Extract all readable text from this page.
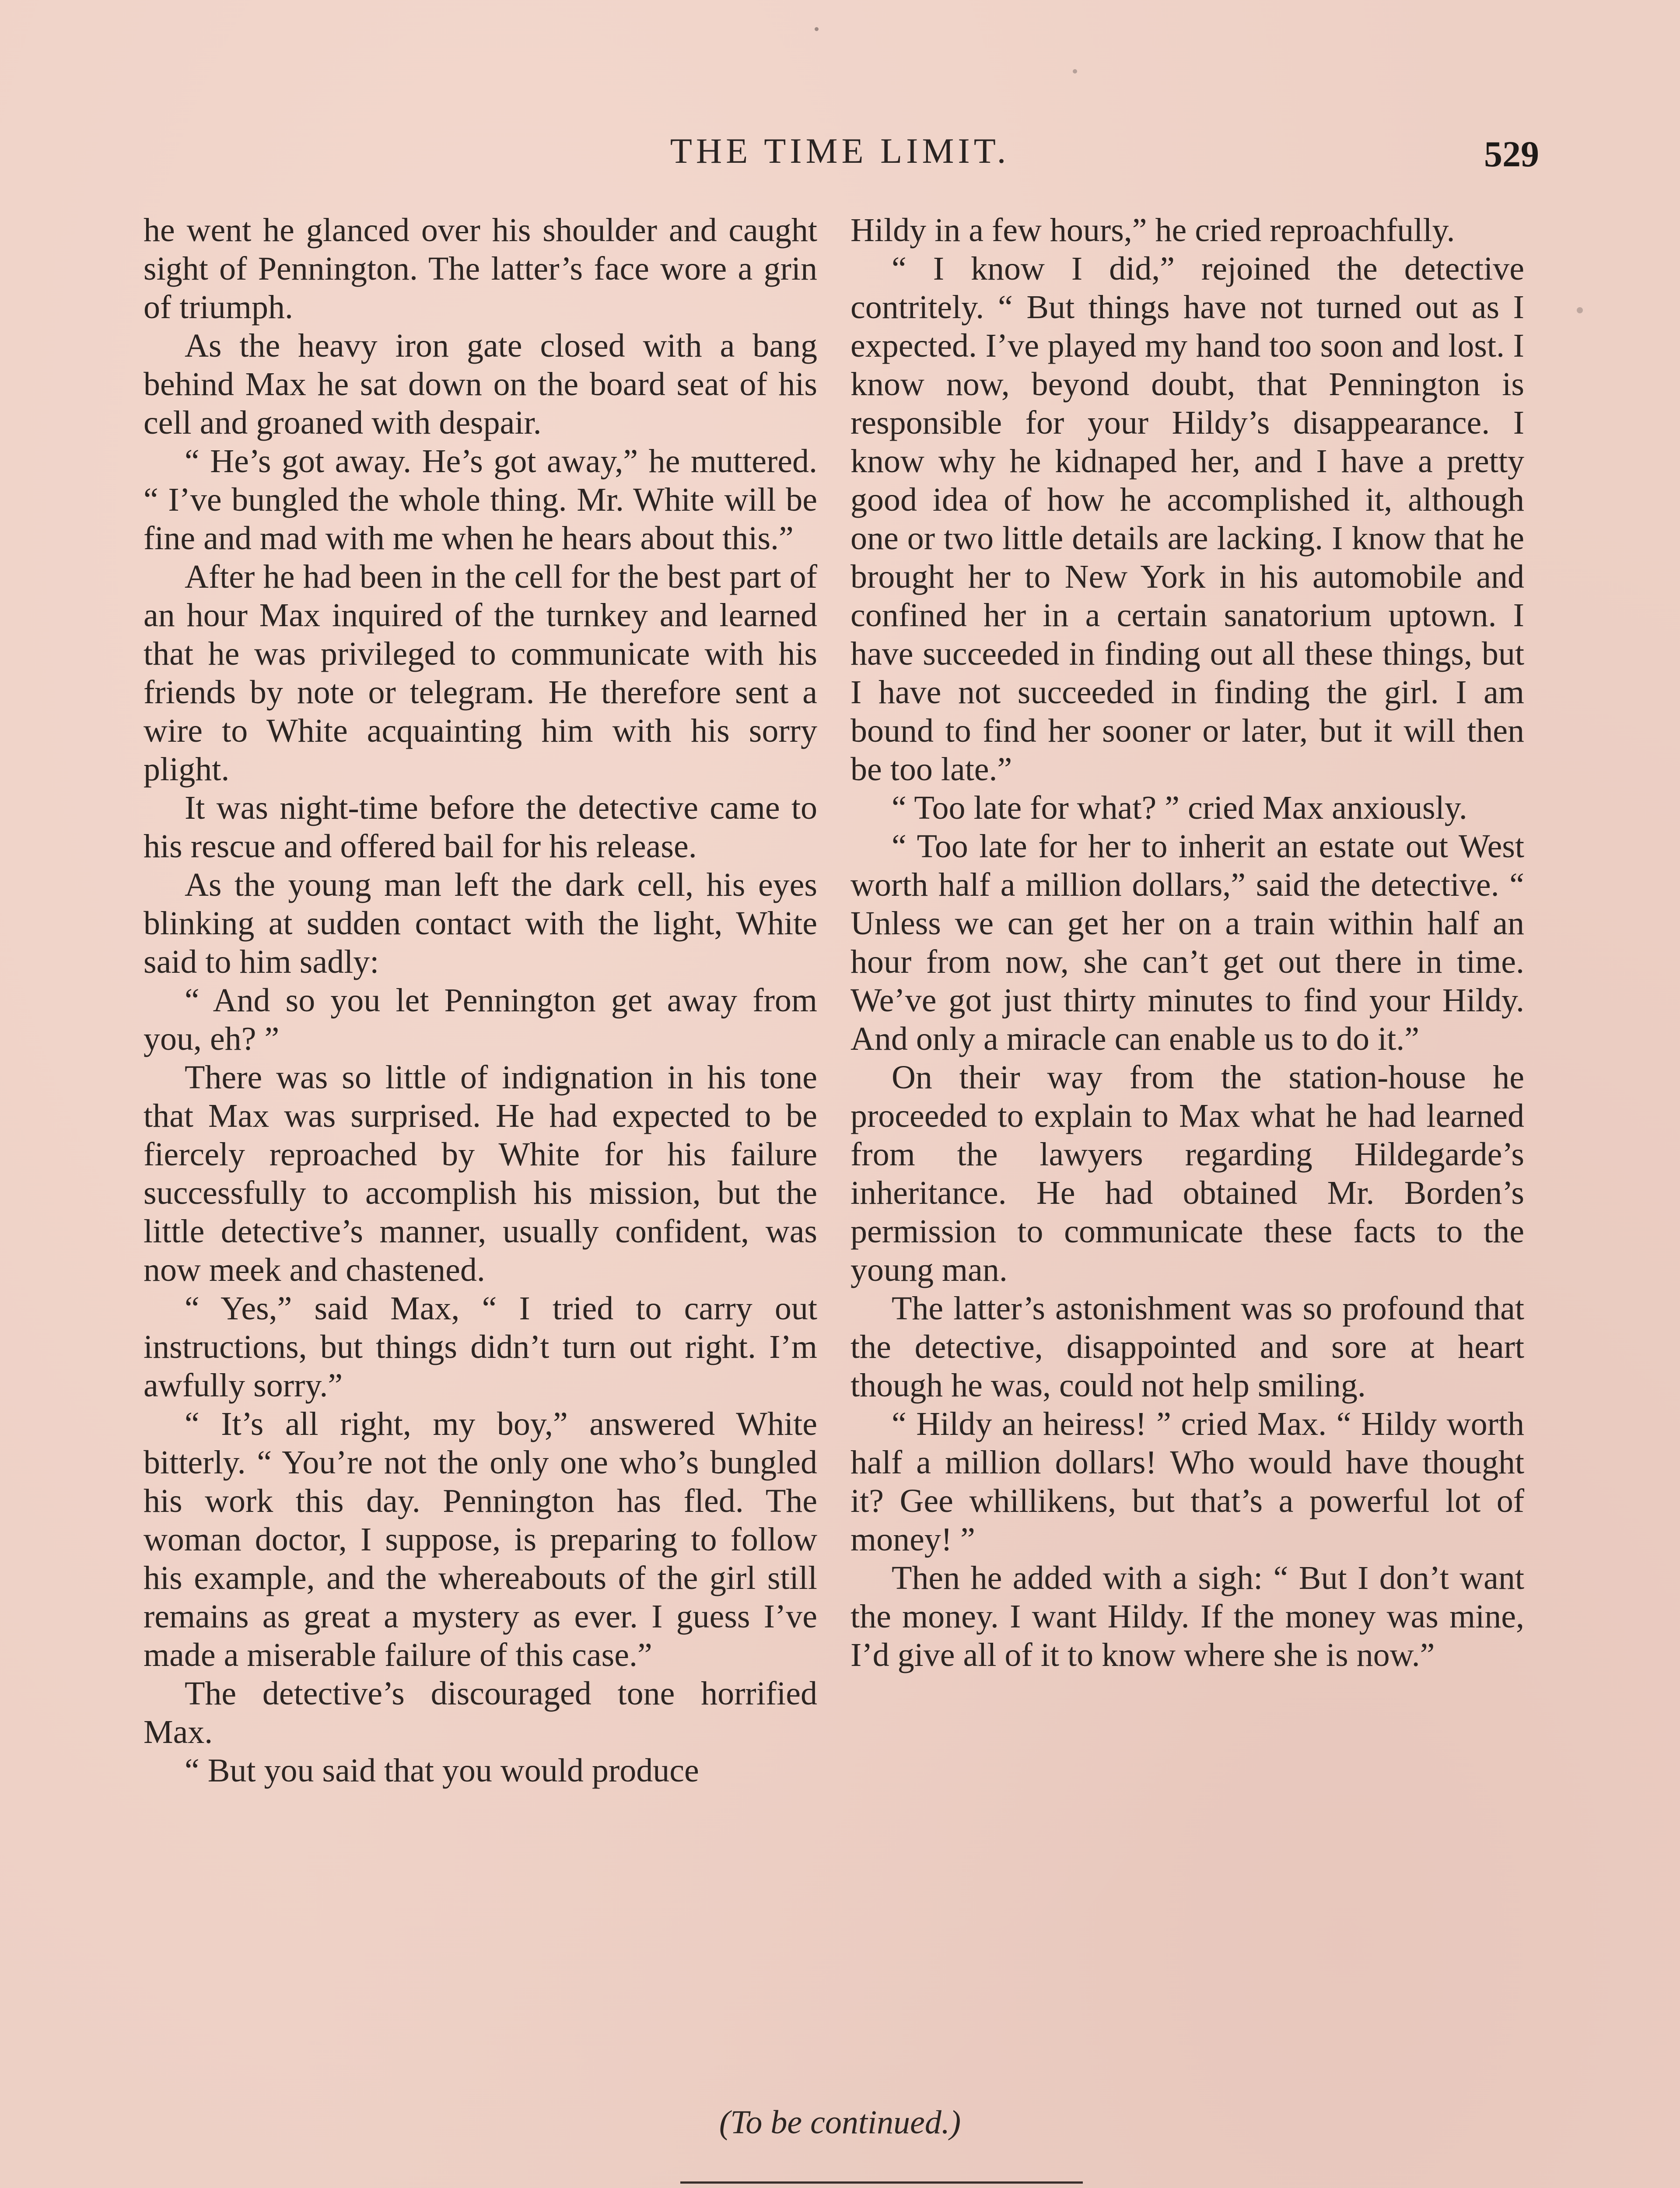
THE TIME LIMIT.	529

he went he glanced over his shoulder and caught sight of Pennington. The latter’s face wore a grin of triumph.

As the heavy iron gate closed with a bang behind Max he sat down on the board seat of his cell and groaned with despair.

“ He’s got away. He’s got away,” he muttered. “ I’ve bungled the whole thing. Mr. White will be fine and mad with me when he hears about this.”

After he had been in the cell for the best part of an hour Max inquired of the turnkey and learned that he was privileged to communicate with his friends by note or telegram. He therefore sent a wire to White acquainting him with his sorry plight.

It was night-time before the detective came to his rescue and offered bail for his release.

As the young man left the dark cell, his eyes blinking at sudden contact with the light, White said to him sadly:

“ And so you let Pennington get away from you, eh? ”

There was so little of indignation in his tone that Max was surprised. He had expected to be fiercely reproached by White for his failure successfully to accomplish his mission, but the little detective’s manner, usually confident, was now meek and chastened.

“ Yes,” said Max, “ I tried to carry out instructions, but things didn’t turn out right. I’m awfully sorry.”

“ It’s all right, my boy,” answered White bitterly. “ You’re not the only one who’s bungled his work this day. Pennington has fled. The woman doctor, I suppose, is preparing to follow his example, and the whereabouts of the girl still remains as great a mystery as ever. I guess I’ve made a miserable failure of this case.”

The detective’s discouraged tone horrified Max.

“ But you said that you would produce

Hildy in a few hours,” he cried reproachfully.

“ I know I did,” rejoined the detective contritely. “ But things have not turned out as I expected. I’ve played my hand too soon and lost. I know now, beyond doubt, that Pennington is responsible for your Hildy’s disappearance. I know why he kidnaped her, and I have a pretty good idea of how he accomplished it, although one or two little details are lacking. I know that he brought her to New York in his automobile and confined her in a certain sanatorium uptown. I have succeeded in finding out all these things, but I have not succeeded in finding the girl. I am bound to find her sooner or later, but it will then be too late.”

“ Too late for what? ” cried Max anxiously.

“ Too late for her to inherit an estate out West worth half a million dollars,” said the detective. “ Unless we can get her on a train within half an hour from now, she can’t get out there in time. We’ve got just thirty minutes to find your Hildy. And only a miracle can enable us to do it.”

On their way from the station-house he proceeded to explain to Max what he had learned from the lawyers regarding Hildegarde’s inheritance. He had obtained Mr. Borden’s permission to communicate these facts to the young man.

The latter’s astonishment was so profound that the detective, disappointed and sore at heart though he was, could not help smiling.

“ Hildy an heiress! ” cried Max. “ Hildy worth half a million dollars! Who would have thought it? Gee whillikens, but that’s a powerful lot of money! ”

Then he added with a sigh: “ But I don’t want the money. I want Hildy. If the money was mine, I’d give all of it to know where she is now.”

(To be continued.)
